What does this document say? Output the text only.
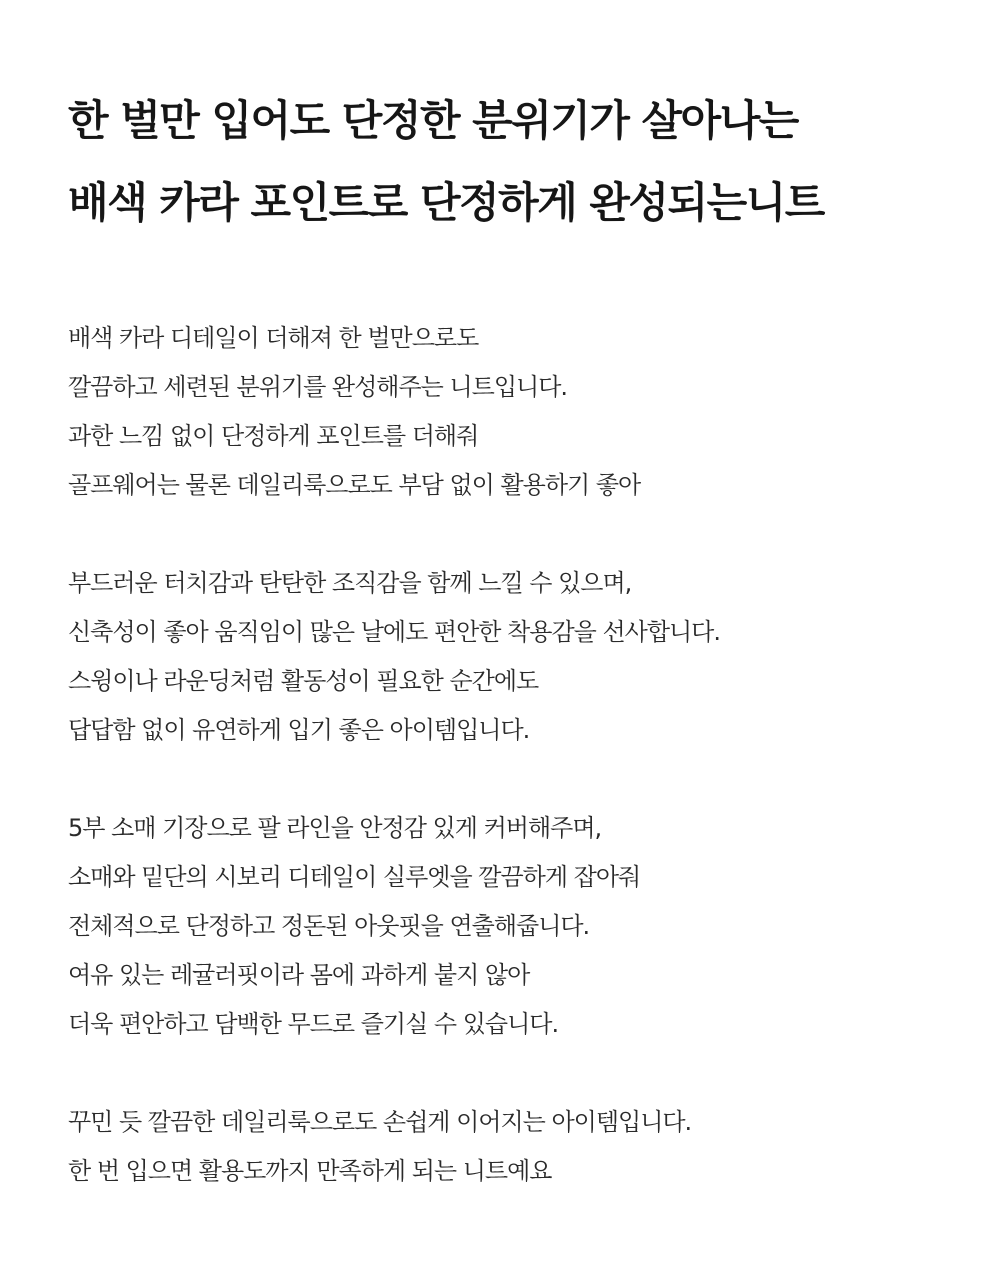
한 벌만 입어도 단정한 분위기가 살아나는
배색 카라 포인트로 단정하게 완성되는니트

배색 카라 디테일이 더해져 한 벌만으로도
깔끔하고 세련된 분위기를 완성해주는 니트입니다.
과한 느낌 없이 단정하게 포인트를 더해줘
골프웨어는 물론 데일리룩으로도 부담 없이 활용하기 좋아

부드러운 터치감과 탄탄한 조직감을 함께 느낄 수 있으며,
신축성이 좋아 움직임이 많은 날에도 편안한 착용감을 선사합니다.
스윙이나 라운딩처럼 활동성이 필요한 순간에도
답답함 없이 유연하게 입기 좋은 아이템입니다.

5부 소매 기장으로 팔 라인을 안정감 있게 커버해주며,
소매와 밑단의 시보리 디테일이 실루엣을 깔끔하게 잡아줘
전체적으로 단정하고 정돈된 아웃핏을 연출해줍니다.
여유 있는 레귤러핏이라 몸에 과하게 붙지 않아
더욱 편안하고 담백한 무드로 즐기실 수 있습니다.

꾸민 듯 깔끔한 데일리룩으로도 손쉽게 이어지는 아이템입니다.
한 번 입으면 활용도까지 만족하게 되는 니트예요
